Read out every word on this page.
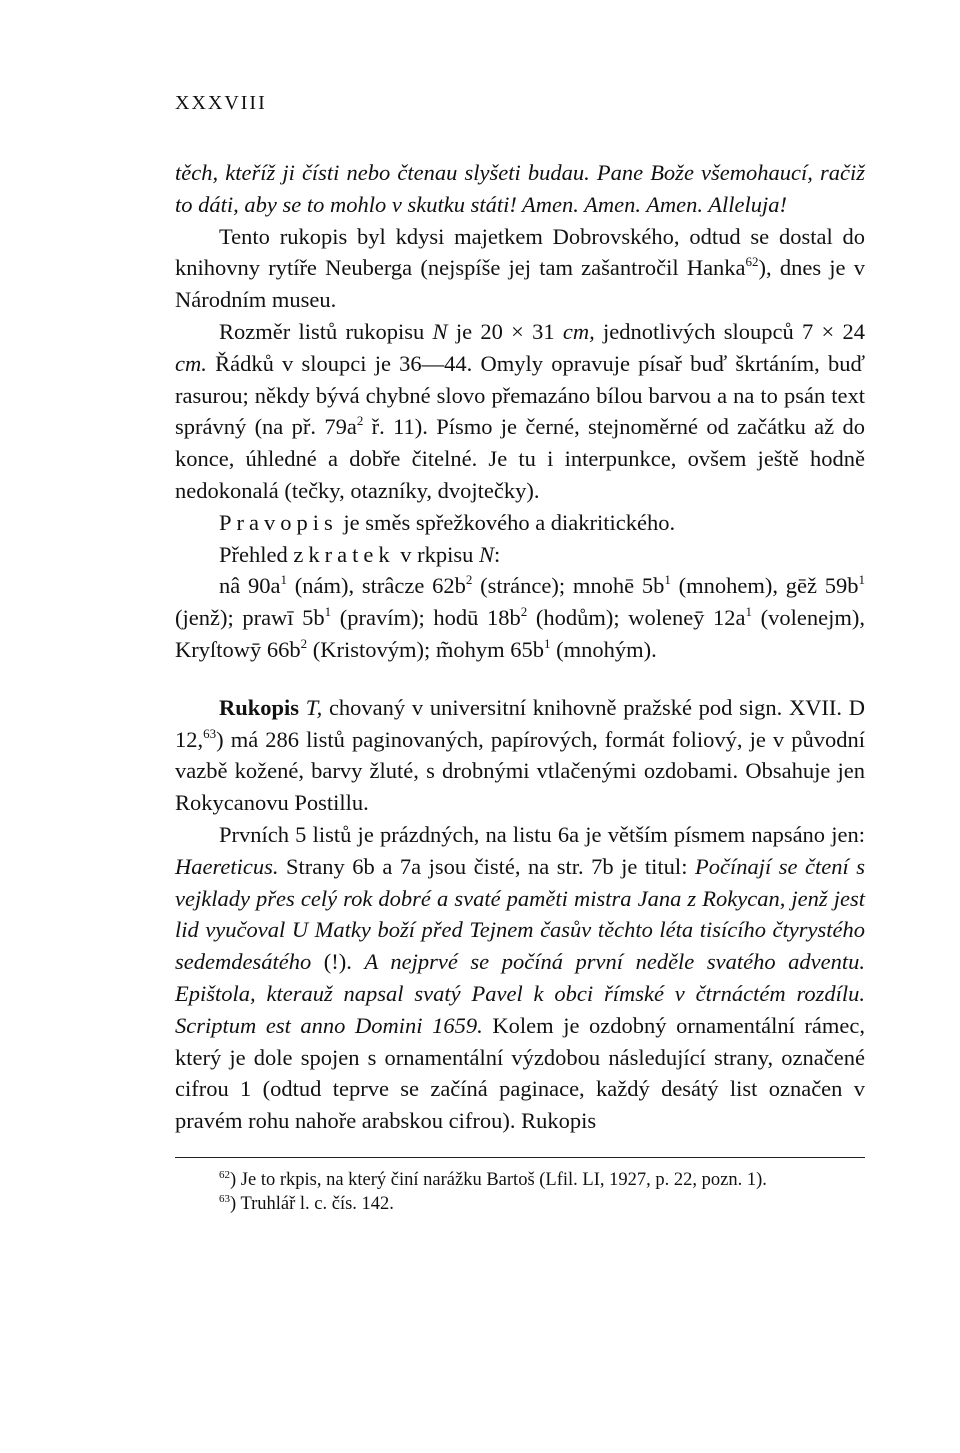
XXXVIII

těch, kteříž ji čísti nebo čtenau slyšeti budau. Pane Bože všemohaucí, račiž to dáti, aby se to mohlo v skutku státi! Amen. Amen. Amen. Alleluja!

Tento rukopis byl kdysi majetkem Dobrovského, odtud se dostal do knihovny rytíře Neuberga (nejspíše jej tam zašantročil Hanka$^{62}$), dnes je v Národním museu.

Rozměr listů rukopisu N je 20 × 31 cm, jednotlivých sloupců 7 × 24 cm. Řádků v sloupci je 36—44. Omyly opravuje písař buď škrtáním, buď rasurou; někdy bývá chybné slovo přemazáno bílou barvou a na to psán text správný (na př. $79a^2$ ř. 11). Písmo je černé, stejnoměrné od začátku až do konce, úhledné a dobře čitelné. Je tu i interpunkce, ovšem ještě hodně nedokonalá (tečky, otazníky, dvojtečky).

Pravopis je směs spřežkového a diakritického.

Přehled zkratek v rkpisu N:

nâ $90a^1$ (nám), strâcze $62b^2$ (stránce); mnohē $5b^1$ (mnohem), gēž $59b^1$ (jenž); prawī $5b^1$ (pravím); hodū $18b^2$ (hodům); woleneȳ $12a^1$ (volenejm), Kryſtowȳ $66b^2$ (Kristovým); m̃ohym $65b^1$ (mnohým).

Rukopis T, chovaný v universitní knihovně pražské pod sign. XVII. D 12,63) má 286 listů paginovaných, papírových, formát foliový, je v původní vazbě kožené, barvy žluté, s drobnými vtlačenými ozdobami. Obsahuje jen Rokycanovu Postillu.

Prvních 5 listů je prázdných, na listu 6a je větším písmem napsáno jen: Haereticus. Strany 6b a 7a jsou čisté, na str. 7b je titul: Počínají se čtení s vejklady přes celý rok dobré a svaté paměti mistra Jana z Rokycan, jenž jest lid vyučoval U Matky boží před Tejnem časův těchto léta tisícího čtyrystého sedemdesátého (!). A nejprvé se počíná první neděle svatého adventu. Epištola, kterauž napsal svatý Pavel k obci římské v čtrnáctém rozdílu. Scriptum est anno Domini 1659. Kolem je ozdobný ornamentální rámec, který je dole spojen s ornamentální výzdobou následující strany, označené cifrou 1 (odtud teprve se začíná paginace, každý desátý list označen v pravém rohu nahoře arabskou cifrou). Rukopis

$^{62}$) Je to rkpis, na který činí narážku Bartoš (Lfil. LI, 1927, p. 22, pozn. 1).

$^{63}$) Truhlář l. c. čís. 142.
